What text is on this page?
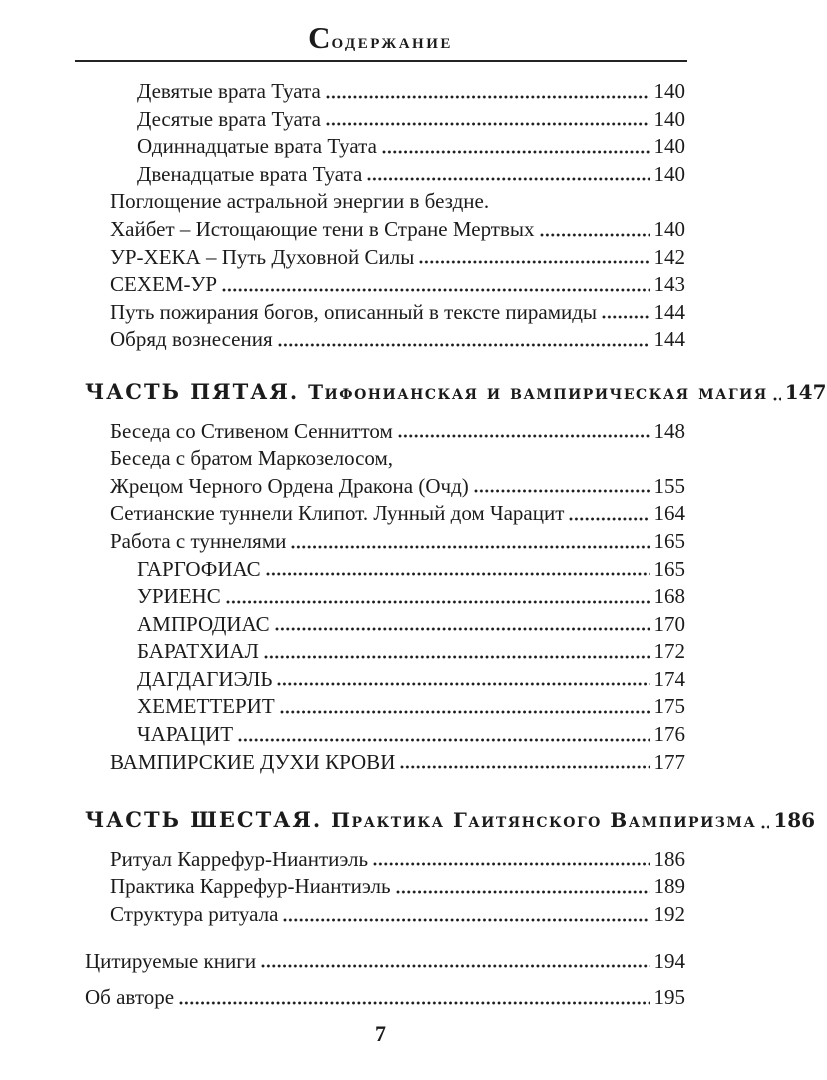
Содержание
Девятые врата Туата	140
Десятые врата Туата	140
Одиннадцатые врата Туата	140
Двенадцатые врата Туата	140
Поглощение астральной энергии в бездне.
Хайбет – Истощающие тени в Стране Мертвых	140
УР-ХЕКА – Путь Духовной Силы	142
СЕХЕМ-УР	143
Путь пожирания богов, описанный в тексте пирамиды	144
Обряд вознесения	144
ЧАСТЬ ПЯТАЯ. Тифонианская и вампирическая магия 147
Беседа со Стивеном Сенниттом	148
Беседа с братом Маркозелосом,
Жрецом Черного Ордена Дракона (Очд)	155
Сетианские туннели Клипот. Лунный дом Чарацит	164
Работа с туннелями	165
ГАРГОФИАС	165
УРИЕНС	168
АМПРОДИАС	170
БАРАТХИАЛ	172
ДАГДАГИЭЛЬ	174
ХЕМЕТТЕРИТ	175
ЧАРАЦИТ	176
ВАМПИРСКИЕ ДУХИ КРОВИ	177
ЧАСТЬ ШЕСТАЯ. Практика Гаитянского Вампиризма 186
Ритуал Каррефур-Ниантиэль	186
Практика Каррефур-Ниантиэль	189
Структура ритуала	192
Цитируемые книги	194
Об авторе	195
7
